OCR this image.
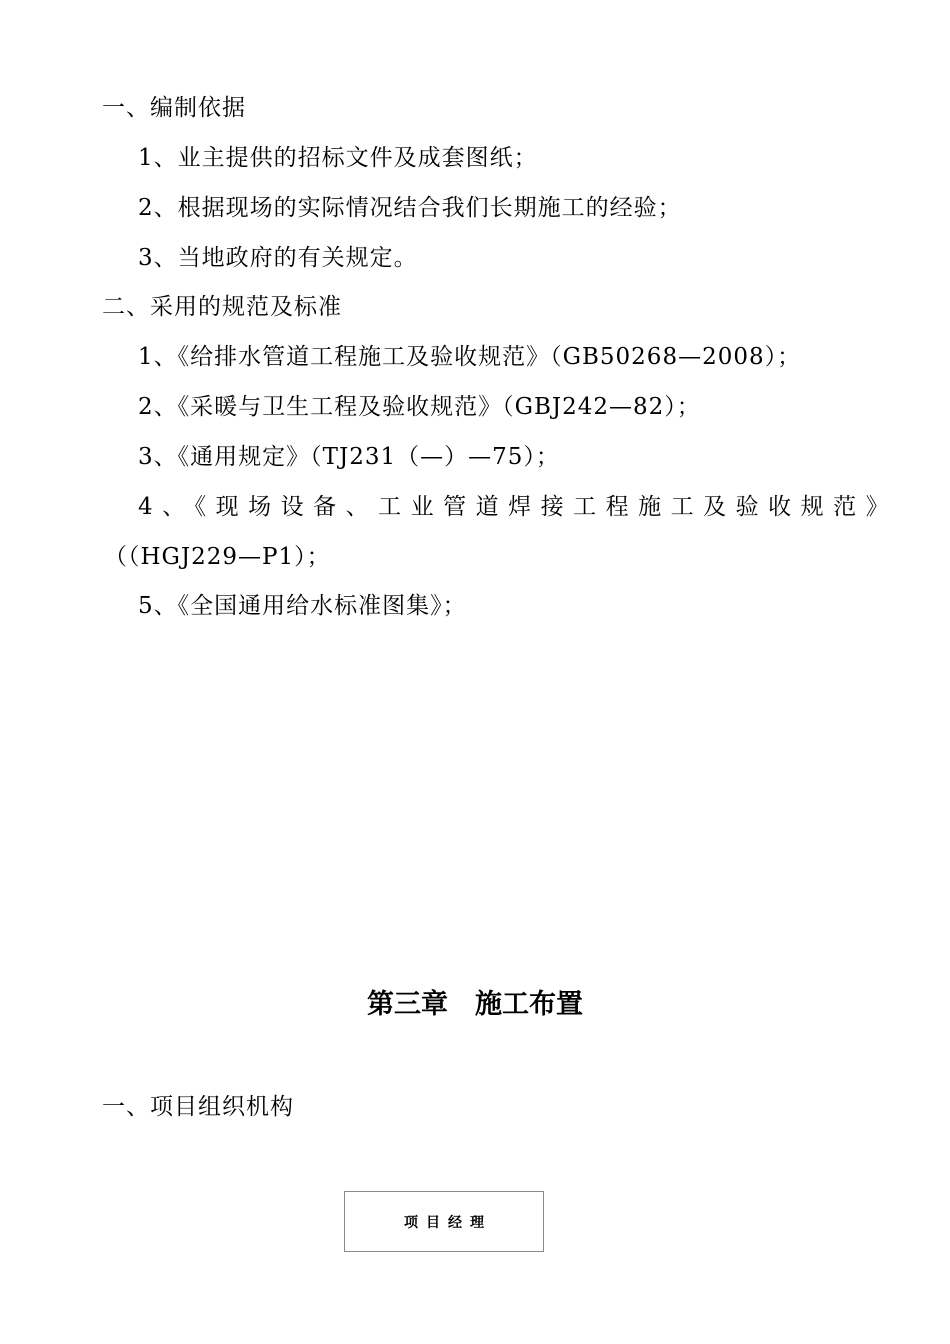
一、编制依据
1、业主提供的招标文件及成套图纸；
2、根据现场的实际情况结合我们长期施工的经验；
3、当地政府的有关规定。
二、采用的规范及标准
1、《给排水管道工程施工及验收规范》（GB50268—2008）；
2、《采暖与卫生工程及验收规范》（GBJ242—82）；
3、《通用规定》（TJ231（—）—75）；
4、《现场设备、工业管道焊接工程施工及验收规范》
（（HGJ229—P1）；
5、《全国通用给水标准图集》；
第三章　施工布置
一、项目组织机构
项目经理
